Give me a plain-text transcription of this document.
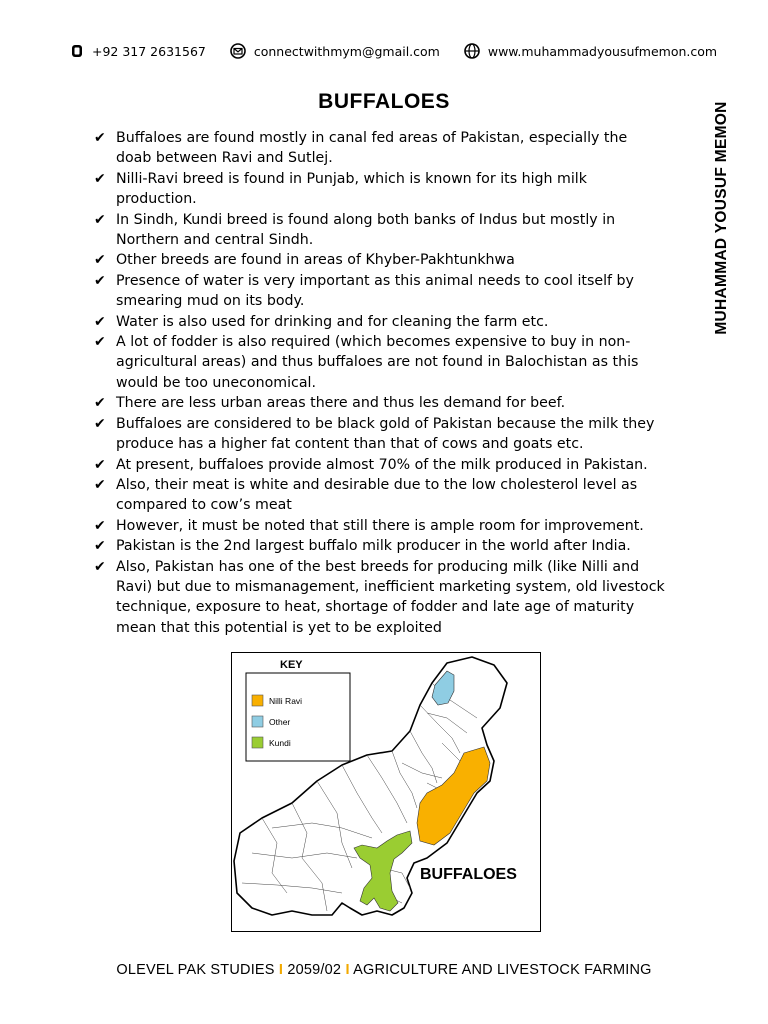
+92 317 2631567	connectwithmym@gmail.com	www.muhammadyousufmemon.com
MUHAMMAD YOUSUF MEMON
BUFFALOES
✔ Buffaloes are found mostly in canal fed areas of Pakistan, especially the
doab between Ravi and Sutlej.
✔ Nilli-Ravi breed is found in Punjab, which is known for its high milk
production.
✔ In Sindh, Kundi breed is found along both banks of Indus but mostly in
Northern and central Sindh.
✔ Other breeds are found in areas of Khyber-Pakhtunkhwa
✔ Presence of water is very important as this animal needs to cool itself by
smearing mud on its body.
✔ Water is also used for drinking and for cleaning the farm etc.
✔ A lot of fodder is also required (which becomes expensive to buy in non-
agricultural areas) and thus buffaloes are not found in Balochistan as this
would be too uneconomical.
✔ There are less urban areas there and thus les demand for beef.
✔ Buffaloes are considered to be black gold of Pakistan because the milk they
produce has a higher fat content than that of cows and goats etc.
✔ At present, buffaloes provide almost 70% of the milk produced in Pakistan.
✔ Also, their meat is white and desirable due to the low cholesterol level as
compared to cow’s meat
✔ However, it must be noted that still there is ample room for improvement.
✔ Pakistan is the 2nd largest buffalo milk producer in the world after India.
✔ Also, Pakistan has one of the best breeds for producing milk (like Nilli and
Ravi) but due to mismanagement, inefficient marketing system, old livestock
technique, exposure to heat, shortage of fodder and late age of maturity
mean that this potential is yet to be exploited
KEY
Nilli Ravi
Other
Kundi
BUFFALOES
OLEVEL PAK STUDIES I 2059/02 I AGRICULTURE AND LIVESTOCK FARMING
